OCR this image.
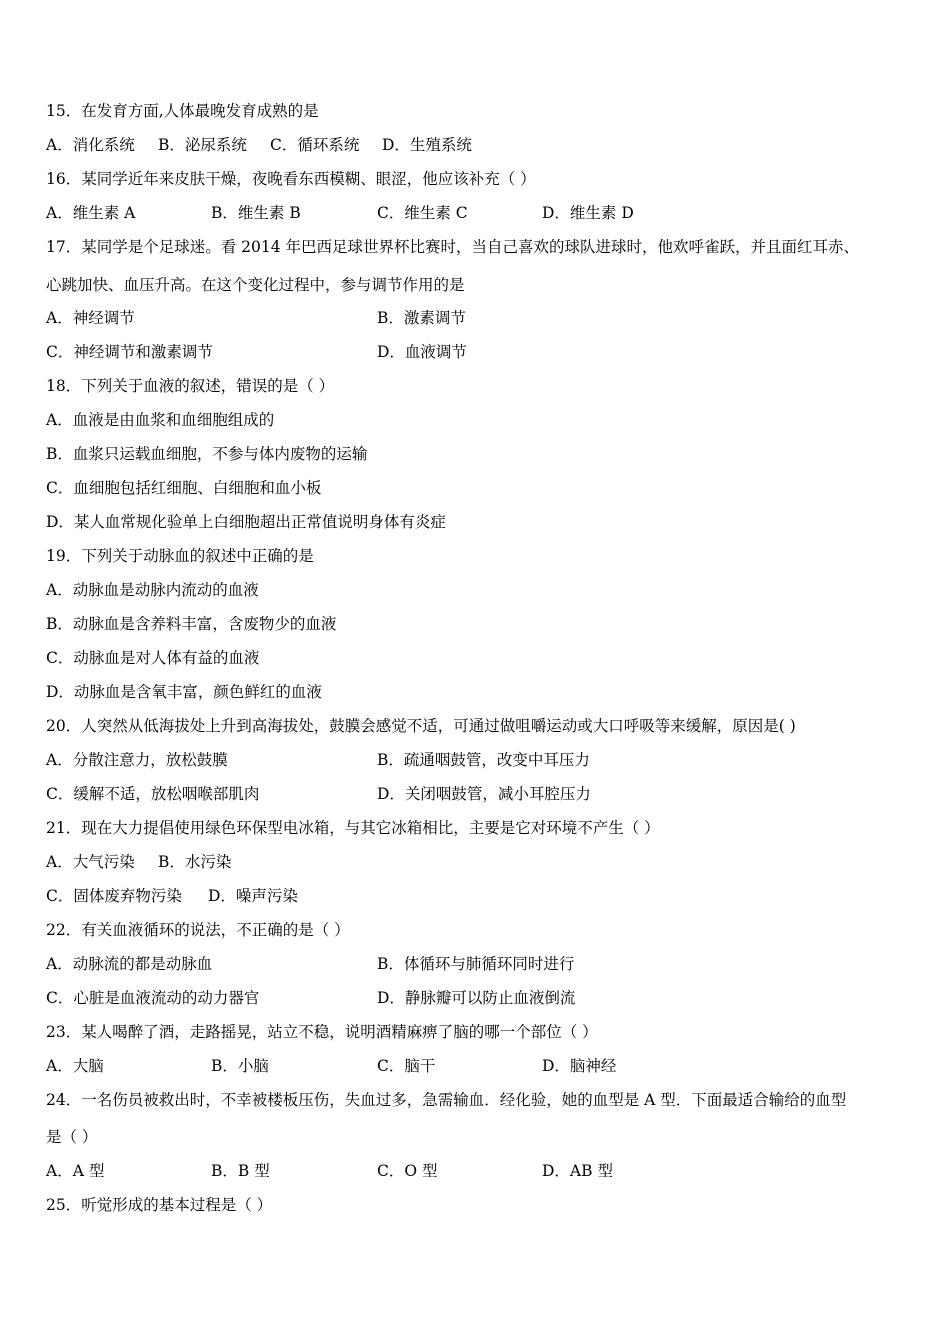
15．在发育方面,人体最晚发育成熟的是
A．消化系统 B．泌尿系统 C．循环系统 D．生殖系统
16．某同学近年来皮肤干燥，夜晚看东西模糊、眼涩，他应该补充（ ）
A．维生素 A	B．维生素 B	C．维生素 C	D．维生素 D
17．某同学是个足球迷。看 2014 年巴西足球世界杯比赛时，当自己喜欢的球队进球时，他欢呼雀跃，并且面红耳赤、
心跳加快、血压升高。在这个变化过程中，参与调节作用的是
A．神经调节	B．激素调节
C．神经调节和激素调节	D．血液调节
18．下列关于血液的叙述，错误的是（ ）
A．血液是由血浆和血细胞组成的
B．血浆只运载血细胞，不参与体内废物的运输
C．血细胞包括红细胞、白细胞和血小板
D．某人血常规化验单上白细胞超出正常值说明身体有炎症
19．下列关于动脉血的叙述中正确的是
A．动脉血是动脉内流动的血液
B．动脉血是含养料丰富，含废物少的血液
C．动脉血是对人体有益的血液
D．动脉血是含氧丰富，颜色鲜红的血液
20．人突然从低海拔处上升到高海拔处，鼓膜会感觉不适，可通过做咀嚼运动或大口呼吸等来缓解，原因是( )
A．分散注意力，放松鼓膜	B．疏通咽鼓管，改变中耳压力
C．缓解不适，放松咽喉部肌肉	D．关闭咽鼓管，减小耳腔压力
21．现在大力提倡使用绿色环保型电冰箱，与其它冰箱相比，主要是它对环境不产生（ ）
A．大气污染 B．水污染
C．固体废弃物污染 D．噪声污染
22．有关血液循环的说法，不正确的是（ ）
A．动脉流的都是动脉血	B．体循环与肺循环同时进行
C．心脏是血液流动的动力器官	D．静脉瓣可以防止血液倒流
23．某人喝醉了酒，走路摇晃，站立不稳，说明酒精麻痹了脑的哪一个部位（ ）
A．大脑	B．小脑	C．脑干	D．脑神经
24．一名伤员被救出时，不幸被楼板压伤，失血过多，急需输血．经化验，她的血型是 A 型．下面最适合输给的血型
是（ ）
A．A 型	B．B 型	C．O 型	D．AB 型
25．听觉形成的基本过程是（ ）
